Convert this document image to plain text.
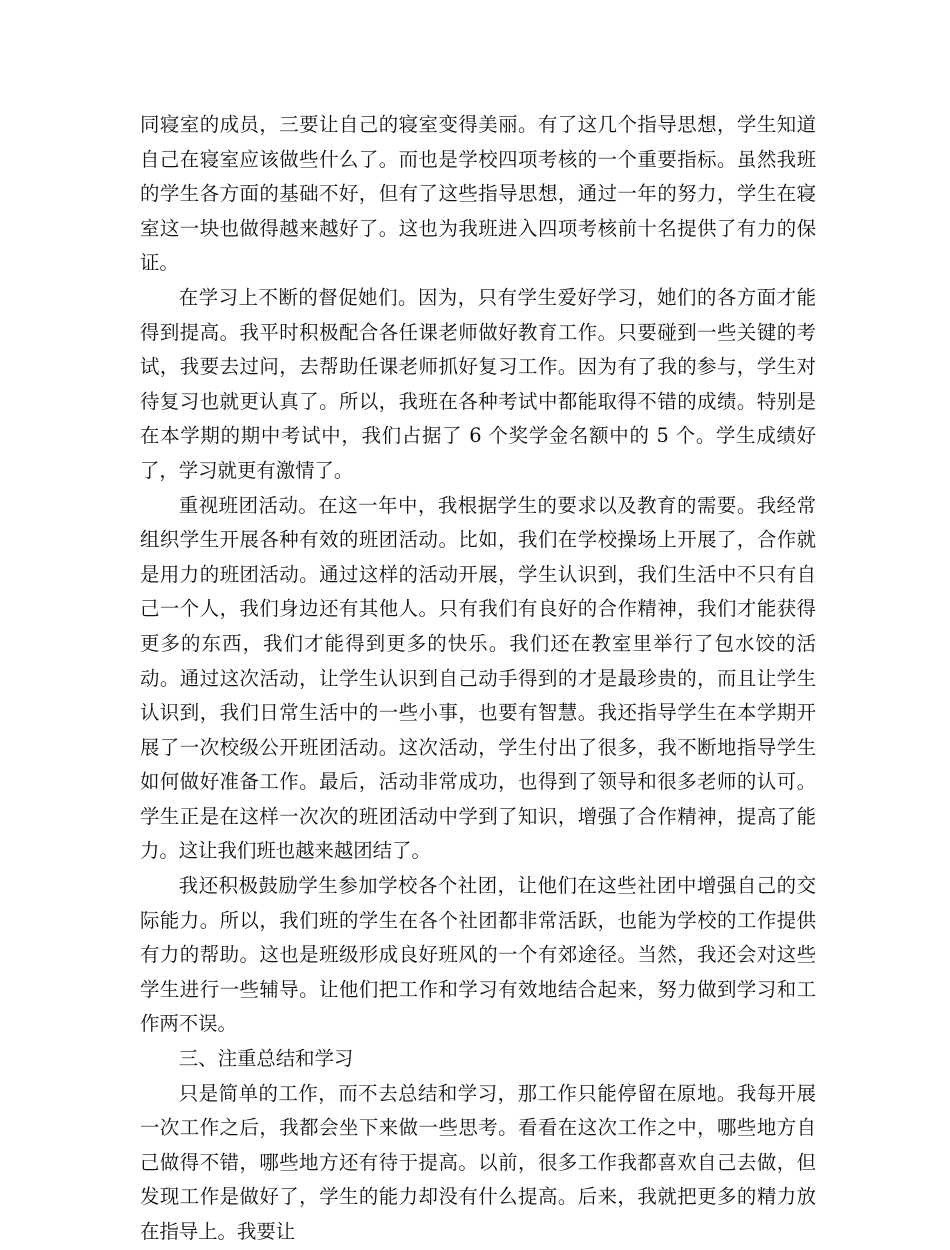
同寝室的成员，三要让自己的寝室变得美丽。有了这几个指导思想，学生知道自己在寝室应该做些什么了。而也是学校四项考核的一个重要指标。虽然我班的学生各方面的基础不好，但有了这些指导思想，通过一年的努力，学生在寝室这一块也做得越来越好了。这也为我班进入四项考核前十名提供了有力的保证。

在学习上不断的督促她们。因为，只有学生爱好学习，她们的各方面才能得到提高。我平时积极配合各任课老师做好教育工作。只要碰到一些关键的考试，我要去过问，去帮助任课老师抓好复习工作。因为有了我的参与，学生对待复习也就更认真了。所以，我班在各种考试中都能取得不错的成绩。特别是在本学期的期中考试中，我们占据了 6 个奖学金名额中的 5 个。学生成绩好了，学习就更有激情了。

重视班团活动。在这一年中，我根据学生的要求以及教育的需要。我经常组织学生开展各种有效的班团活动。比如，我们在学校操场上开展了，合作就是用力的班团活动。通过这样的活动开展，学生认识到，我们生活中不只有自己一个人，我们身边还有其他人。只有我们有良好的合作精神，我们才能获得更多的东西，我们才能得到更多的快乐。我们还在教室里举行了包水饺的活动。通过这次活动，让学生认识到自己动手得到的才是最珍贵的，而且让学生认识到，我们日常生活中的一些小事，也要有智慧。我还指导学生在本学期开展了一次校级公开班团活动。这次活动，学生付出了很多，我不断地指导学生如何做好准备工作。最后，活动非常成功，也得到了领导和很多老师的认可。学生正是在这样一次次的班团活动中学到了知识，增强了合作精神，提高了能力。这让我们班也越来越团结了。

我还积极鼓励学生参加学校各个社团，让他们在这些社团中增强自己的交际能力。所以，我们班的学生在各个社团都非常活跃，也能为学校的工作提供有力的帮助。这也是班级形成良好班风的一个有郊途径。当然，我还会对这些学生进行一些辅导。让他们把工作和学习有效地结合起来，努力做到学习和工作两不误。

三、注重总结和学习

只是简单的工作，而不去总结和学习，那工作只能停留在原地。我每开展一次工作之后，我都会坐下来做一些思考。看看在这次工作之中，哪些地方自己做得不错，哪些地方还有待于提高。以前，很多工作我都喜欢自己去做，但发现工作是做好了，学生的能力却没有什么提高。后来，我就把更多的精力放在指导上。我要让
